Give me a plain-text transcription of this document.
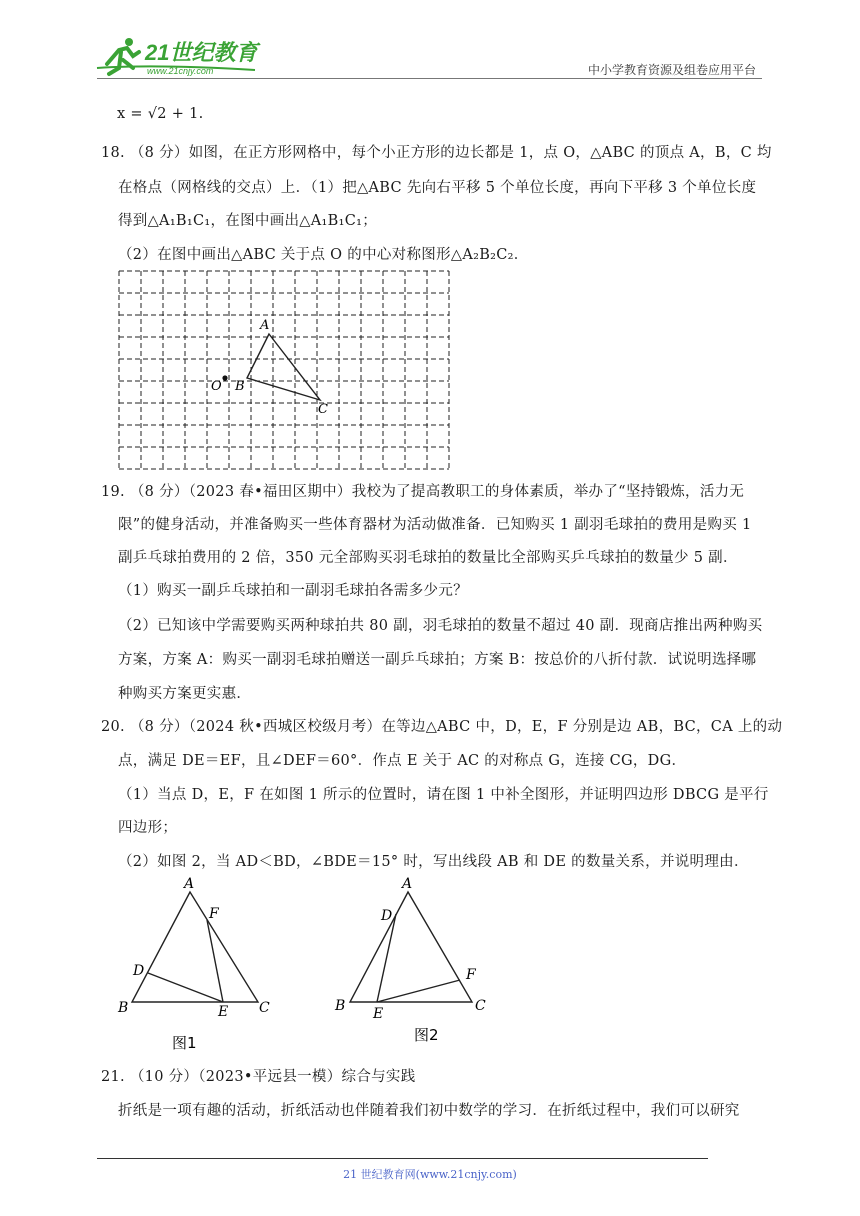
21世纪教育
www.21cnjy.com	中小学教育资源及组卷应用平台
x = √2 + 1.
18. （8 分）如图，在正方形网格中，每个小正方形的边长都是 1，点 O，△ABC 的顶点 A，B，C 均
在格点（网格线的交点）上．（1）把△ABC 先向右平移 5 个单位长度，再向下平移 3 个单位长度
得到△A₁B₁C₁，在图中画出△A₁B₁C₁；
（2）在图中画出△ABC 关于点 O 的中心对称图形△A₂B₂C₂．
A
B
C
O
19. （8 分）（2023 春•福田区期中）我校为了提高教职工的身体素质，举办了“坚持锻炼，活力无
限”的健身活动，并准备购买一些体育器材为活动做准备．已知购买 1 副羽毛球拍的费用是购买 1
副乒乓球拍费用的 2 倍，350 元全部购买羽毛球拍的数量比全部购买乒乓球拍的数量少 5 副．
（1）购买一副乒乓球拍和一副羽毛球拍各需多少元？
（2）已知该中学需要购买两种球拍共 80 副，羽毛球拍的数量不超过 40 副．现商店推出两种购买
方案，方案 A：购买一副羽毛球拍赠送一副乒乓球拍；方案 B：按总价的八折付款．试说明选择哪
种购买方案更实惠．
20. （8 分）（2024 秋•西城区校级月考）在等边△ABC 中，D，E，F 分别是边 AB，BC，CA 上的动
点，满足 DE＝EF，且∠DEF＝60°．作点 E 关于 AC 的对称点 G，连接 CG，DG．
（1）当点 D，E，F 在如图 1 所示的位置时，请在图 1 中补全图形，并证明四边形 DBCG 是平行
四边形；
（2）如图 2，当 AD＜BD，∠BDE＝15° 时，写出线段 AB 和 DE 的数量关系，并说明理由．
A
F
D
B	E C
图1
A
D
F
B E	C
图2
21. （10 分）（2023•平远县一模）综合与实践
折纸是一项有趣的活动，折纸活动也伴随着我们初中数学的学习．在折纸过程中，我们可以研究
21 世纪教育网(www.21cnjy.com)
